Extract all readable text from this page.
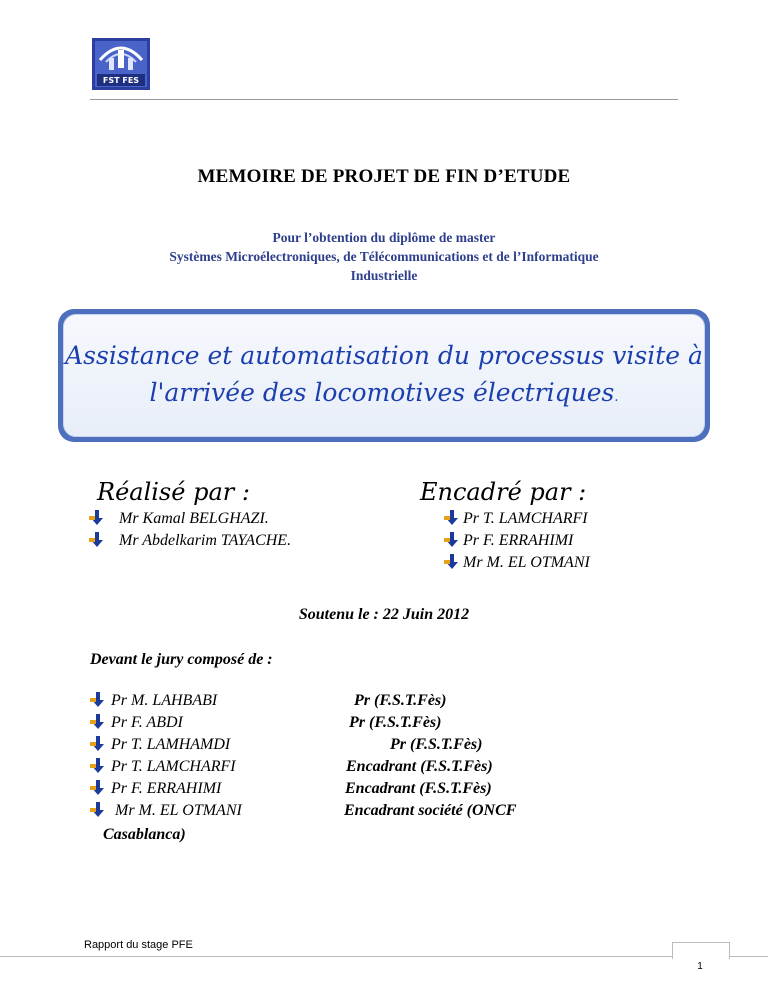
FST FES
MEMOIRE DE PROJET DE FIN D’ETUDE
Pour l’obtention du diplôme de master
Systèmes Microélectroniques, de Télécommunications et de l’Informatique
Industrielle
Assistance et automatisation du processus visite à
l'arrivée des locomotives électriques.
Réalisé par :	Encadré par :
Mr Kamal BELGHAZI.
Mr Abdelkarim TAYACHE.
Pr T. LAMCHARFI
Pr F. ERRAHIMI
Mr M. EL OTMANI
Soutenu le : 22 Juin 2012
Devant le jury composé de :
Pr M. LAHBABI
Pr F. ABDI
Pr T. LAMHAMDI
Pr T. LAMCHARFI
Pr F. ERRAHIMI
Mr M. EL OTMANI
Casablanca)
Pr (F.S.T.Fès)
Pr (F.S.T.Fès)
Pr (F.S.T.Fès)
Encadrant (F.S.T.Fès)
Encadrant (F.S.T.Fès)
Encadrant société (ONCF
Rapport du stage PFE
1
